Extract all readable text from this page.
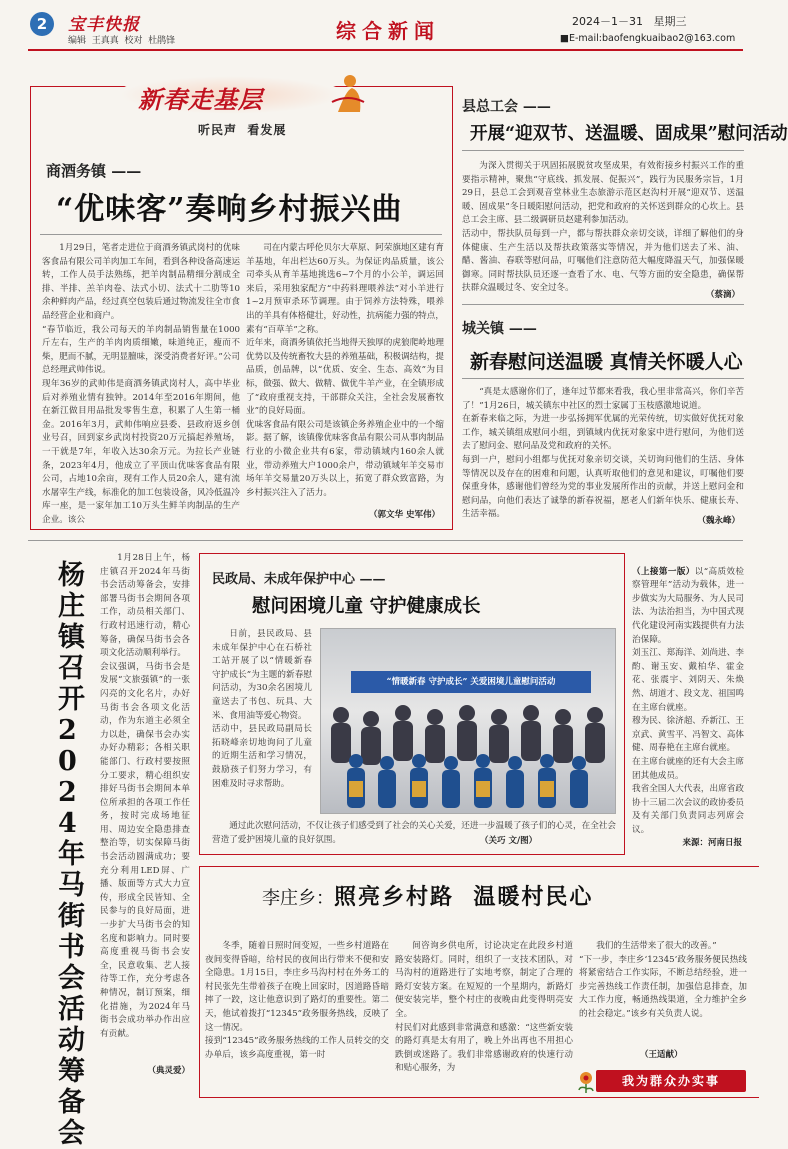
2	宝丰快报
编辑  王真真  校对  杜鹃锋	综合新闻	2024－1－31 星期三
■E-mail:baofengkuaibao2@163.com
新春走基层
听民声  看发展
商酒务镇 ——
“优味客”奏响乡村振兴曲
1月29日，笔者走进位于商酒务镇武岗村的优味客食品有限公司羊肉加工车间，看到各种设备高速运转，工作人员手法熟练，把羊肉制品精细分割成全排、半排、羔羊肉卷、法式小切、法式十二肋等10余种鲜肉产品，经过真空包装后通过物流发往全市食品经营企业和商户。
“春节临近，我公司每天的羊肉制品销售量在1000斤左右，生产的羊肉肉质细嫩，味道纯正，瘦而不柴，肥而不腻，无明显膻味，深受消费者好评。”公司总经理武帅伟说。
现年36岁的武帅伟是商酒务镇武岗村人，高中毕业后对养殖业情有独钟。2014年至2016年期间，他在新江做目用品批发零售生意，积累了人生第一桶金。2016年3月，武帅伟响应县委、县政府返乡创业号召，回到家乡武岗村投资20万元搞起养殖场，一干就是7年，年收入达30余万元。为拉长产业链条，2023年4月，他成立了平顶山优味客食品有限公司，占地10余亩，现有工作人员20余人，建有流水屠宰生产线，标准化的加工包装设备，风冷低温冷库一座，是一家年加工10万头生鲜羊肉制品的生产企业。该公
司在内蒙古呼伦贝尔大草原、阿荣旗地区建有育羊基地，年出栏达60万头。为保证肉品质量，该公司牵头从育羊基地挑选6~7个月的小公羊，调运回来后，采用独家配方“中药料理喂养法”对小羊进行1~2月预审杀环节调理。由于饲养方法特殊，喂养出的羊具有体格健壮，好动性，抗病能力强的特点，素有“百草羊”之称。
近年来，商酒务镇依托当地得天独厚的虎狼爬岭地理优势以及传统畜牧大县的养殖基础，积极调结构，提品质，创品牌，以“优质、安全、生态、高效”为目标，做强、做大、做精、做优牛羊产业，在全镇形成了“政府重视支持，干部群众关注，全社会发展畜牧业”的良好局面。
优味客食品有限公司是该镇企务养殖企业中的一个缩影。据了解，该镇像优味客食品有限公司从事肉制品行业的小微企业共有6家，带动镇域内160余人就业，带动养殖大户1000余户，带动镇域年羊交易市场年羊交易量20万头以上，拓宽了群众致富路，为乡村振兴注入了活力。
（郭文华 史军伟）
县总工会 ——
开展“迎双节、送温暖、固成果”慰问活动
为深入贯彻关于巩固拓展脱贫攻坚成果，有效衔接乡村振兴工作的重要指示精神，聚焦“守底线、抓发展、促振兴”，践行为民服务宗旨，1月29日，县总工会到观音堂林业生态旅游示范区赵沟村开展“迎双节、送温暖、固成果”冬日暖阳慰问活动，把党和政府的关怀送到群众的心坎上。县总工会主席、县二级调研员赵建利参加活动。
活动中，帮扶队员每到一户，都与帮扶群众亲切交谈，详细了解他们的身体健康、生产生活以及帮扶政策落实等情况，并为他们送去了米、油、醋、酱油、春联等慰问品，叮嘱他们注意防范大幅度降温天气，加强保暖御寒。同时帮扶队员还逐一查看了水、电、气等方面的安全隐患，确保帮扶群众温暖过冬、安全过冬。
（蔡滴）
城关镇 ——
新春慰问送温暖 真情关怀暖人心
“真是太感谢你们了，逢年过节都来看我，我心里非常高兴，你们辛苦了！”1月26日，城关镇东中社区的烈士家属丁玉枝感激地说道。
在新春来临之际，为进一步弘扬拥军优属的光荣传统，切实做好优抚对象工作，城关镇组成慰问小组，到镇域内优抚对象家中进行慰问，为他们送去了慰问金、慰问品及党和政府的关怀。
每到一户，慰问小组都与优抚对象亲切交谈，关切询问他们的生活、身体等情况以及存在的困难和问题，认真听取他们的意见和建议，叮嘱他们要保重身体，感谢他们曾经为党的事业发展所作出的贡献，并送上慰问金和慰问品，向他们表达了诚挚的新春祝福，愿老人们新年快乐、健康长寿、生活幸福。
（魏永峰）
杨庄镇召开2024年马街书会活动筹备会
1月28日上午，杨庄镇召开2024年马街书会活动筹备会，安排部署马街书会期间各项工作，动员相关部门、行政村迅速行动，精心筹备，确保马街书会各项文化活动顺利举行。
会议强调，马街书会是发展“文旅强镇”的一张闪亮的文化名片，办好马街书会各项文化活动，作为东道主必须全力以赴，确保书会办实办好办精彩；各相关职能部门、行政村要按照分工要求，精心组织安排好马街书会期间本单位所承担的各项工作任务，按时完成场地征用、周边安全隐患排查整治等，切实保障马街书会活动圆满成功；要充分利用LED屏、广播、版面等方式大力宣传，形成全民皆知、全民参与的良好局面，进一步扩大马街书会的知名度和影响力。同时要高度重视马街书会安全，民意收集、艺人接待等工作，充分考虑各种情况，制订预案，细化措施，为2024年马街书会成功举办作出应有贡献。
（典灵爱）
民政局、未成年保护中心 ——
慰问困境儿童 守护健康成长
日前，县民政局、县未成年保护中心在石桥社工站开展了以“情暖新春 守护成长”为主题的新春慰问活动，为30余名困境儿童送去了书包、玩具、大米、食用油等爱心物资。
活动中，县民政局副局长拓晓峰亲切地询问了儿童的近期生活和学习情况，鼓励孩子们努力学习，有困难及时寻求帮助。
“情暖新春 守护成长” 关爱困境儿童慰问活动
通过此次慰问活动，不仅让孩子们感受到了社会的关心关爱，还进一步温暖了孩子们的心灵，在全社会营造了爱护困境儿童的良好氛围。	（关巧 文/图）

（上接第一版）以“高质效检察管理年”活动为载体，进一步做实为大局服务、为人民司法、为法治担当，为中国式现代化建设河南实践提供有力法治保障。
刘玉江、郑海洋、刘尚进、李酌、谢玉安、戴柏华、霍金花、张震宇、刘阴天、朱焕然、胡道才、段文龙、祖国鸣在主席台就座。
穆为民、徐济超、乔新江、王京武、黄雪平、冯智文、高体健、周春艳在主席台就座。
在主席台就座的还有大会主席团其他成员。
我省全国人大代表，出席省政协十三届二次会议的政协委员及有关部门负责同志列席会议。

来源：河南日报
李庄乡：照亮乡村路  温暖村民心
冬季，随着日照时间变短，一些乡村道路在夜间变得昏暗，给村民的夜间出行带来不便和安全隐患。1月15日，李庄乡马沟村村在外务工的村民张先生带着孩子在晚上回家时，因道路昏暗摔了一跤，这让他意识到了路灯的重要性。第二天，他试着拨打“12345”政务服务热线，反映了这一情况。
接到“12345”政务服务热线的工作人员转交的交办单后，该乡高度重视，第一时
间咨询乡供电所，讨论决定在此段乡村道路安装路灯。同时，组织了一支技术团队，对马沟村的道路进行了实地考察，制定了合理的路灯安装方案。在短短的一个星期内，新路灯便安装完毕，整个村庄的夜晚由此变得明亮安全。
村民们对此感到非常满意和感激：“这些新安装的路灯真是太有用了，晚上外出再也不用担心跌倒或迷路了。我们非常感谢政府的快速行动和贴心服务，为
我们的生活带来了很大的改善。”
“下一步，李庄乡‘12345’政务服务便民热线将紧密结合工作实际，不断总结经验，进一步完善热线工作责任制，加强信息排查，加大工作力度，畅通热线渠道，全力维护全乡的社会稳定。”该乡有关负责人说。
（王适献）
我为群众办实事
